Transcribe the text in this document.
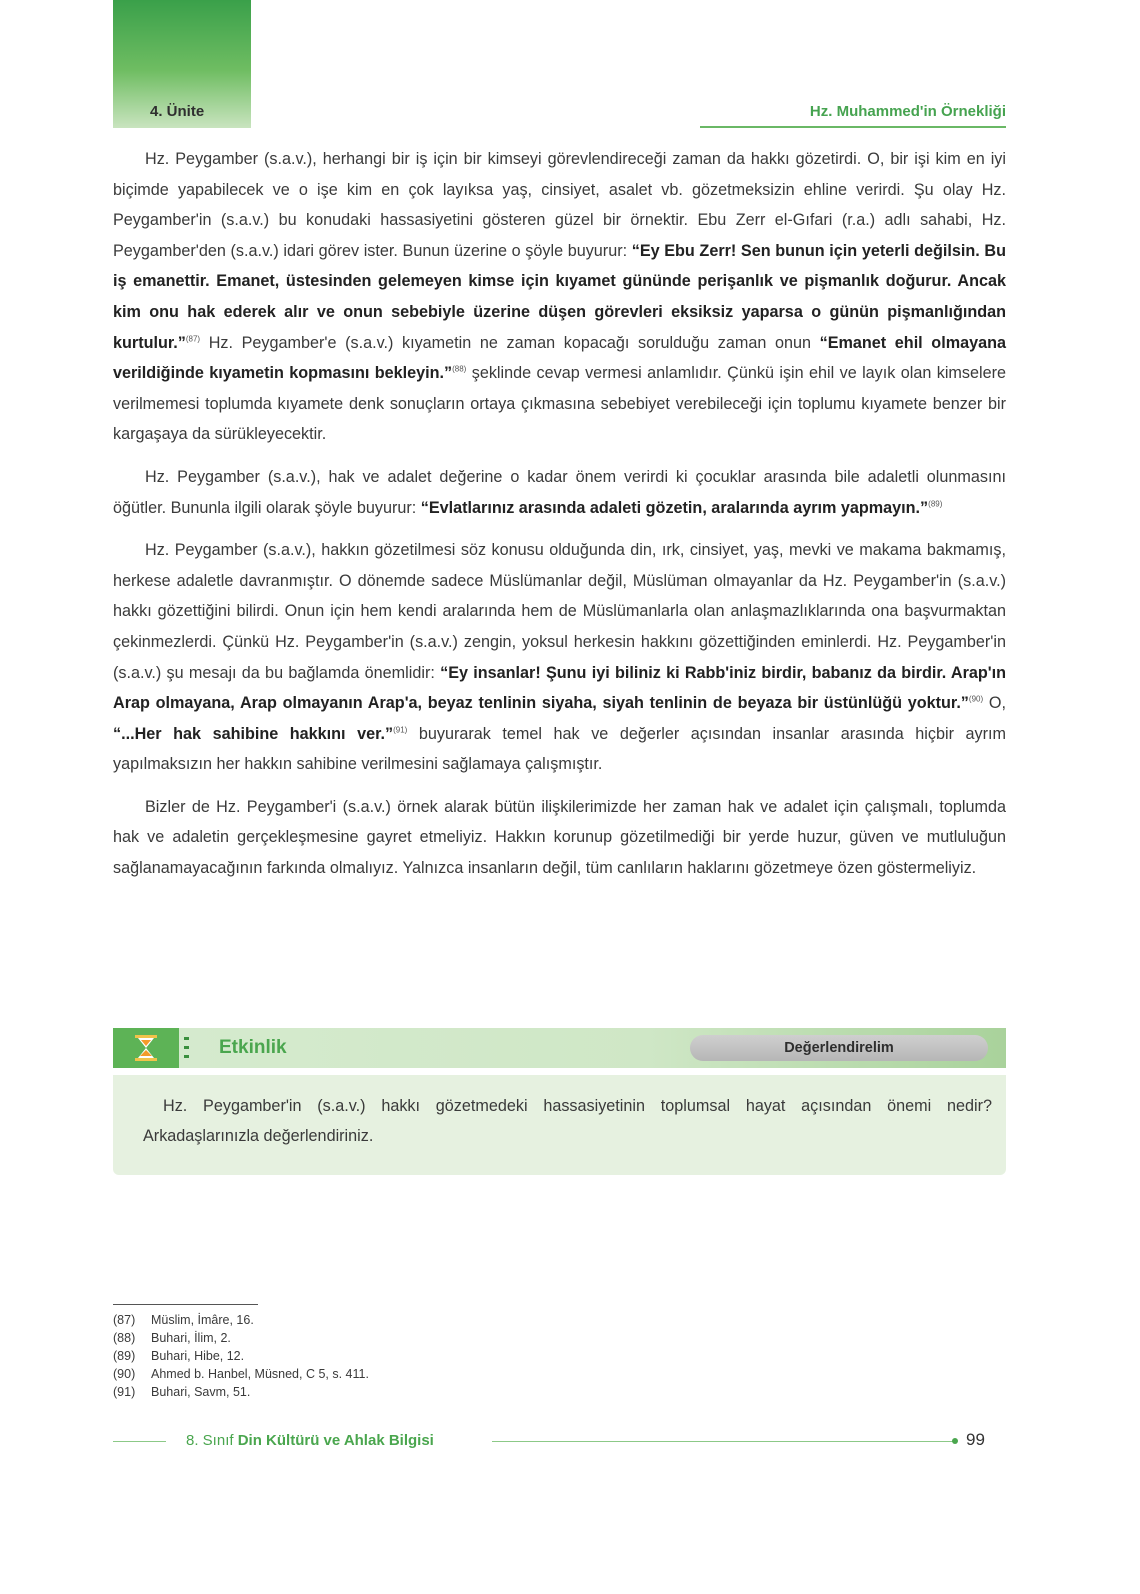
4. Ünite	Hz. Muhammed'in Örnekliği

Hz. Peygamber (s.a.v.), herhangi bir iş için bir kimseyi görevlendireceği zaman da hakkı gözetirdi. O, bir işi kim en iyi biçimde yapabilecek ve o işe kim en çok layıksa yaş, cinsiyet, asalet vb. gözetmeksizin ehline verirdi. Şu olay Hz. Peygamber'in (s.a.v.) bu konudaki hassasiyetini gösteren güzel bir örnektir. Ebu Zerr el-Gıfari (r.a.) adlı sahabi, Hz. Peygamber'den (s.a.v.) idari görev ister. Bunun üzerine o şöyle buyurur: “Ey Ebu Zerr! Sen bunun için yeterli değilsin. Bu iş emanettir. Emanet, üstesinden gelemeyen kimse için kıyamet gününde perişanlık ve pişmanlık doğurur. Ancak kim onu hak ederek alır ve onun sebebiyle üzerine düşen görevleri eksiksiz yaparsa o günün pişmanlığından kurtulur.”$^{(87)}$ Hz. Peygamber'e (s.a.v.) kıyametin ne zaman kopacağı sorulduğu zaman onun “Emanet ehil olmayana verildiğinde kıyametin kopmasını bekleyin.”$^{(88)}$ şeklinde cevap vermesi anlamlıdır. Çünkü işin ehil ve layık olan kimselere verilmemesi toplumda kıyamete denk sonuçların ortaya çıkmasına sebebiyet verebileceği için toplumu kıyamete benzer bir kargaşaya da sürükleyecektir.

Hz. Peygamber (s.a.v.), hak ve adalet değerine o kadar önem verirdi ki çocuklar arasında bile adaletli olunmasını öğütler. Bununla ilgili olarak şöyle buyurur: “Evlatlarınız arasında adaleti gözetin, aralarında ayrım yapmayın.”$^{(89)}$

Hz. Peygamber (s.a.v.), hakkın gözetilmesi söz konusu olduğunda din, ırk, cinsiyet, yaş, mevki ve makama bakmamış, herkese adaletle davranmıştır. O dönemde sadece Müslümanlar değil, Müslüman olmayanlar da Hz. Peygamber'in (s.a.v.) hakkı gözettiğini bilirdi. Onun için hem kendi aralarında hem de Müslümanlarla olan anlaşmazlıklarında ona başvurmaktan çekinmezlerdi. Çünkü Hz. Peygamber'in (s.a.v.) zengin, yoksul herkesin hakkını gözettiğinden eminlerdi. Hz. Peygamber'in (s.a.v.) şu mesajı da bu bağlamda önemlidir: “Ey insanlar! Şunu iyi biliniz ki Rabb'iniz birdir, babanız da birdir. Arap'ın Arap olmayana, Arap olmayanın Arap'a, beyaz tenlinin siyaha, siyah tenlinin de beyaza bir üstünlüğü yoktur.”$^{(90)}$ O, “...Her hak sahibine hakkını ver.”$^{(91)}$ buyurarak temel hak ve değerler açısından insanlar arasında hiçbir ayrım yapılmaksızın her hakkın sahibine verilmesini sağlamaya çalışmıştır.

Bizler de Hz. Peygamber'i (s.a.v.) örnek alarak bütün ilişkilerimizde her zaman hak ve adalet için çalışmalı, toplumda hak ve adaletin gerçekleşmesine gayret etmeliyiz. Hakkın korunup gözetilmediği bir yerde huzur, güven ve mutluluğun sağlanamayacağının farkında olmalıyız. Yalnızca insanların değil, tüm canlıların haklarını gözetmeye özen göstermeliyiz.

Etkinlik	Değerlendirelim
Hz. Peygamber'in (s.a.v.) hakkı gözetmedeki hassasiyetinin toplumsal hayat açısından önemi nedir? Arkadaşlarınızla değerlendiriniz.
(87) Müslim, İmâre, 16.
(88) Buhari, İlim, 2.
(89) Buhari, Hibe, 12.
(90) Ahmed b. Hanbel, Müsned, C 5, s. 411.
(91) Buhari, Savm, 51.
8. Sınıf Din Kültürü ve Ahlak Bilgisi	99
